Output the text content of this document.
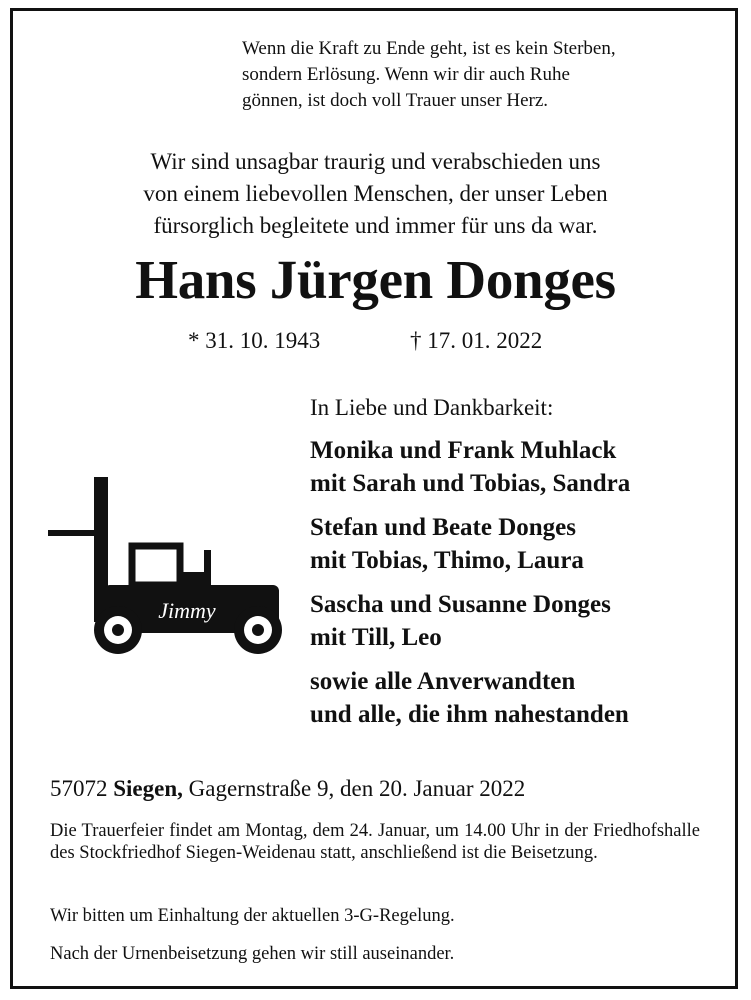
Wenn die Kraft zu Ende geht, ist es kein Sterben,
sondern Erlösung. Wenn wir dir auch Ruhe
gönnen, ist doch voll Trauer unser Herz.
Wir sind unsagbar traurig und verabschieden uns
von einem liebevollen Menschen, der unser Leben
fürsorglich begleitete und immer für uns da war.
Hans Jürgen Donges
* 31. 10. 1943	† 17. 01. 2022
In Liebe und Dankbarkeit:
Monika und Frank Muhlack
mit Sarah und Tobias, Sandra
Stefan und Beate Donges
mit Tobias, Thimo, Laura
Sascha und Susanne Donges
mit Till, Leo
sowie alle Anverwandten
und alle, die ihm nahestanden
Jimmy
57072 Siegen, Gagernstraße 9, den 20. Januar 2022

Die Trauerfeier findet am Montag, dem 24. Januar, um 14.00 Uhr in der Friedhofshalle des Stockfriedhof Siegen-Weidenau statt, anschließend ist die Beisetzung.

Wir bitten um Einhaltung der aktuellen 3-G-Regelung.
Nach der Urnenbeisetzung gehen wir still auseinander.
